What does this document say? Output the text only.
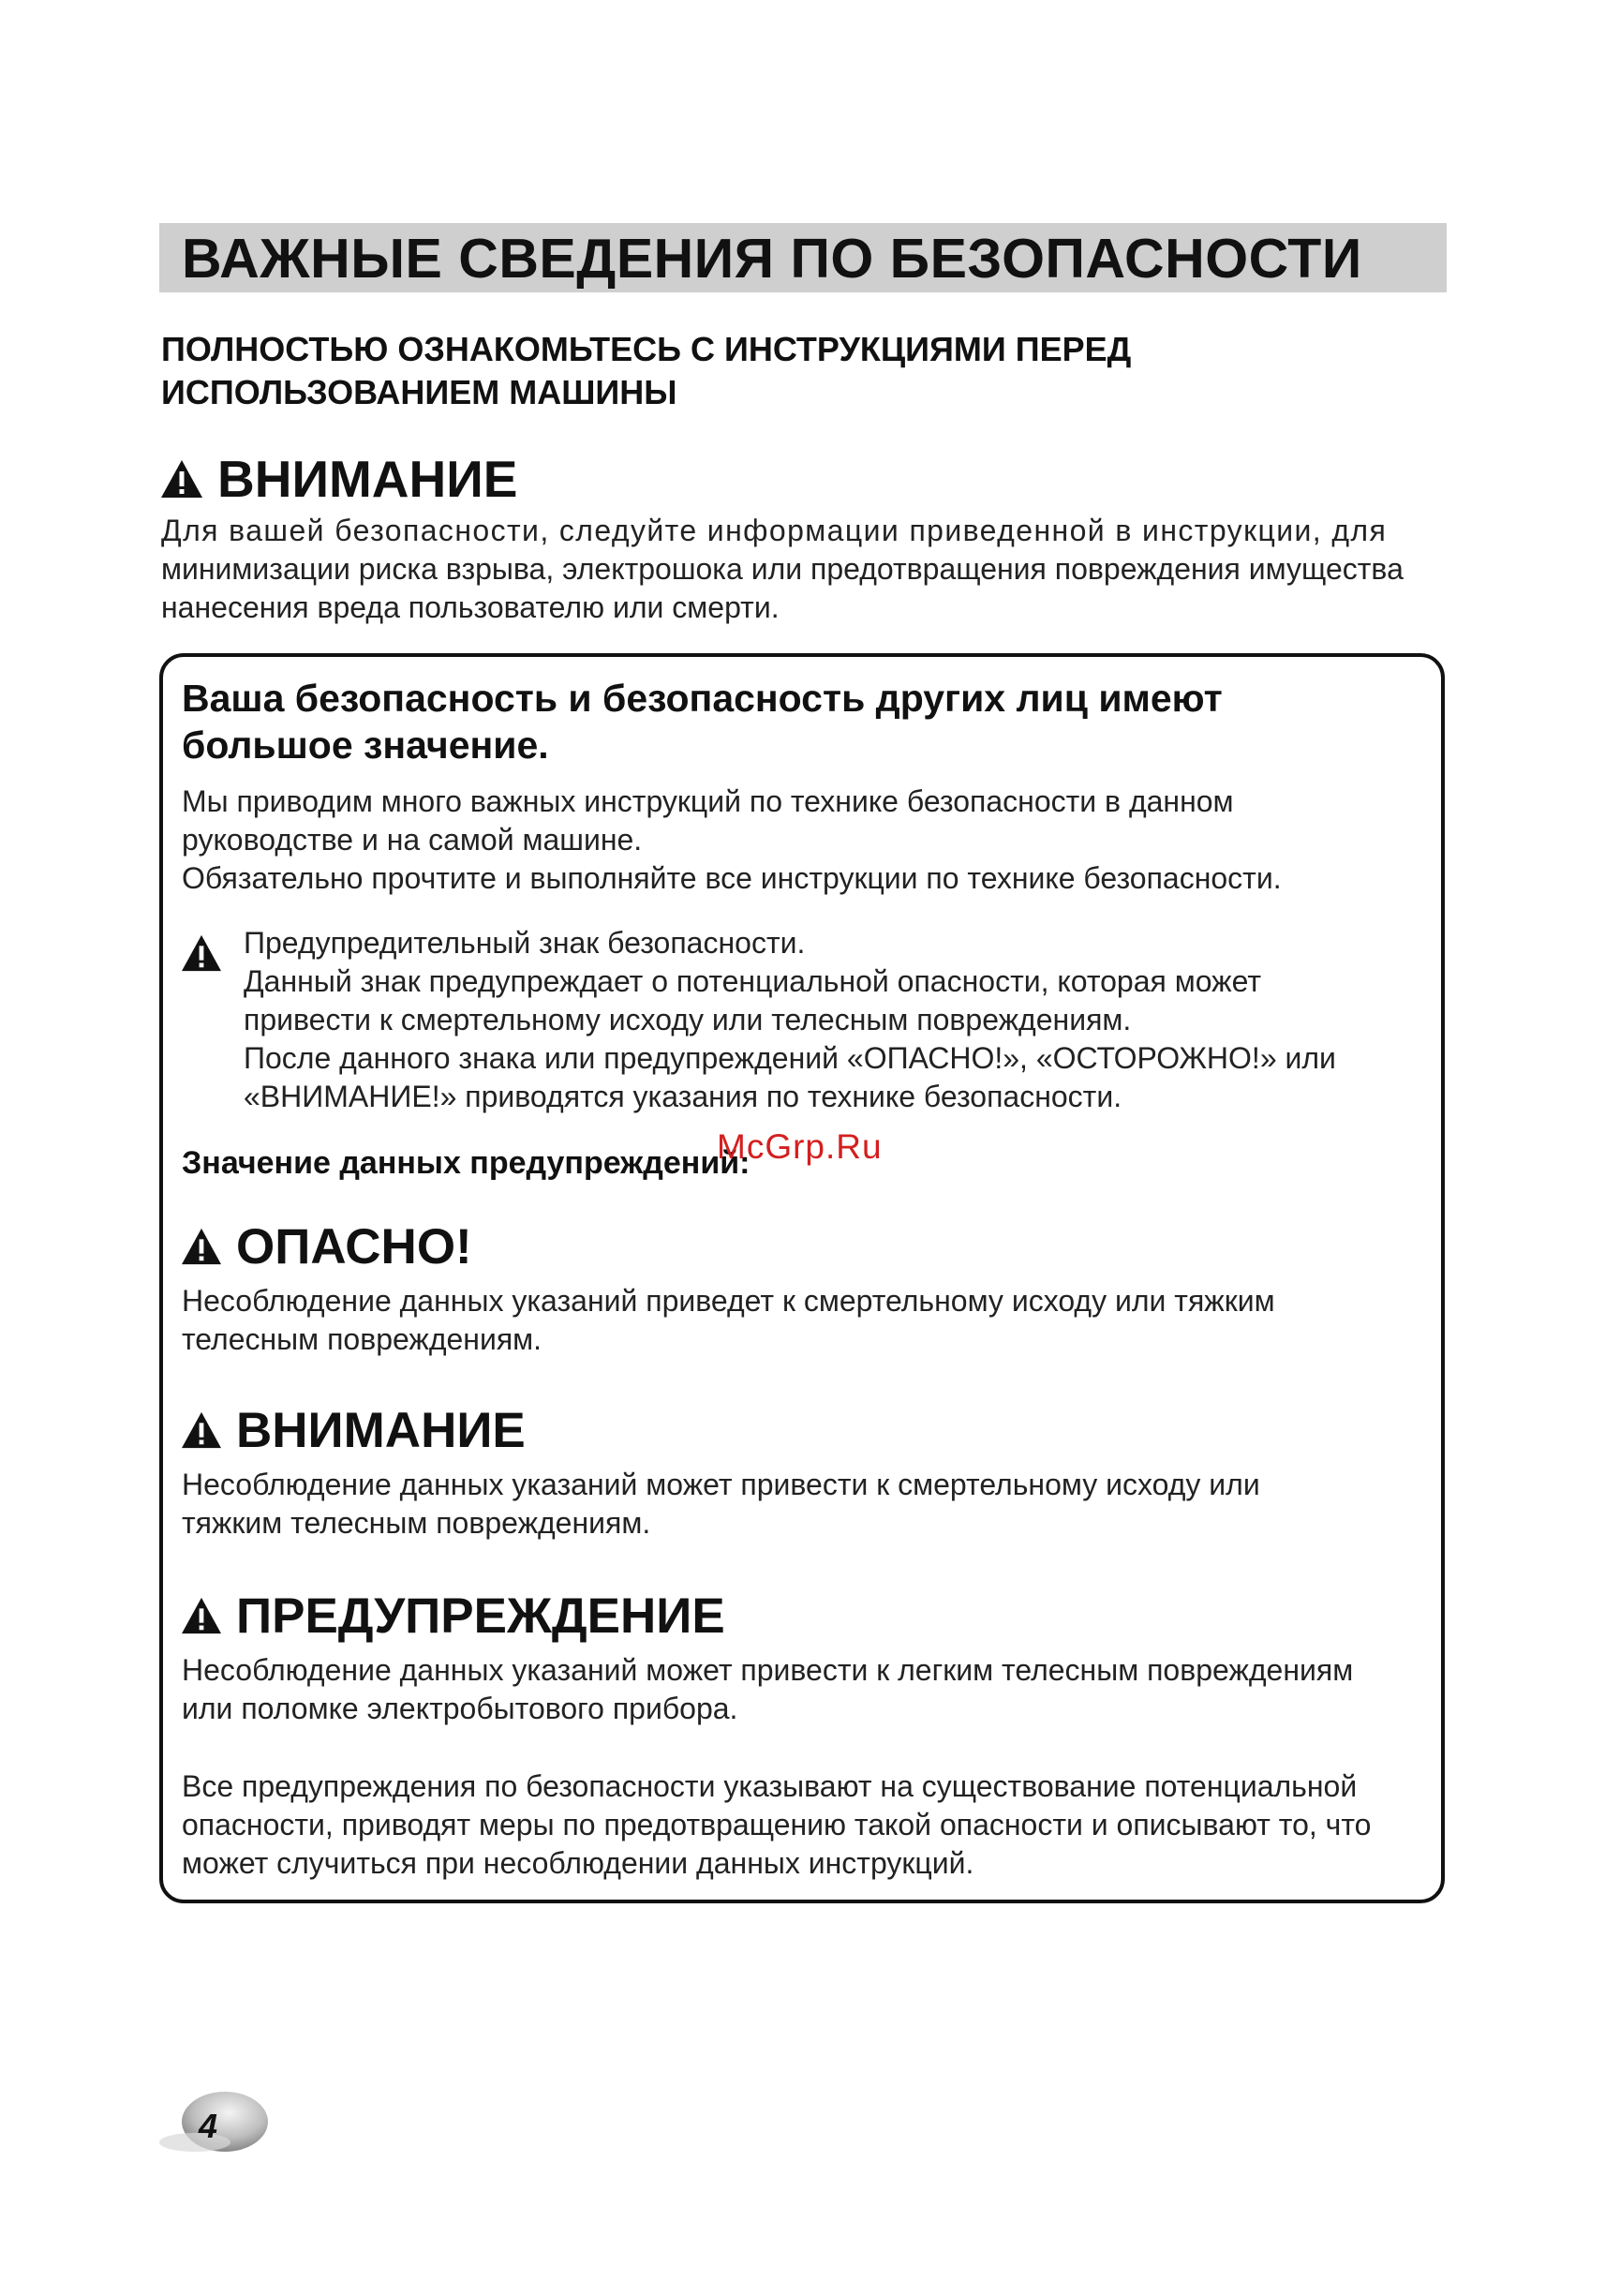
ВАЖНЫЕ СВЕДЕНИЯ ПО БЕЗОПАСНОСТИ
ПОЛНОСТЬЮ ОЗНАКОМЬТЕСЬ С ИНСТРУКЦИЯМИ ПЕРЕД
ИСПОЛЬЗОВАНИЕМ МАШИНЫ
ВНИМАНИЕ
Для вашей безопасности, следуйте информации приведенной в инструкции, для
минимизации риска взрыва, электрошока или предотвращения повреждения имущества
нанесения вреда пользователю или смерти.
Ваша безопасность и безопасность других лиц имеют
большое значение.
Мы приводим много важных инструкций по технике безопасности в данном
руководстве и на самой машине.
Обязательно прочтите и выполняйте все инструкции по технике безопасности.
Предупредительный знак безопасности.
Данный знак предупреждает о потенциальной опасности, которая может
привести к смертельному исходу или телесным повреждениям.
После данного знака или предупреждений «ОПАСНО!», «ОСТОРОЖНО!» или
«ВНИМАНИЕ!» приводятся указания по технике безопасности.
Значение данных предупреждений:
ОПАСНО!
Несоблюдение данных указаний приведет к смертельному исходу или тяжким
телесным повреждениям.
ВНИМАНИЕ
Несоблюдение данных указаний может привести к смертельному исходу или
тяжким телесным повреждениям.
ПРЕДУПРЕЖДЕНИЕ
Несоблюдение данных указаний может привести к легким телесным повреждениям
или поломке электробытового прибора.
Все предупреждения по безопасности указывают на существование потенциальной
опасности, приводят меры по предотвращению такой опасности и описывают то, что
может случиться при несоблюдении данных инструкций.
McGrp.Ru
4
